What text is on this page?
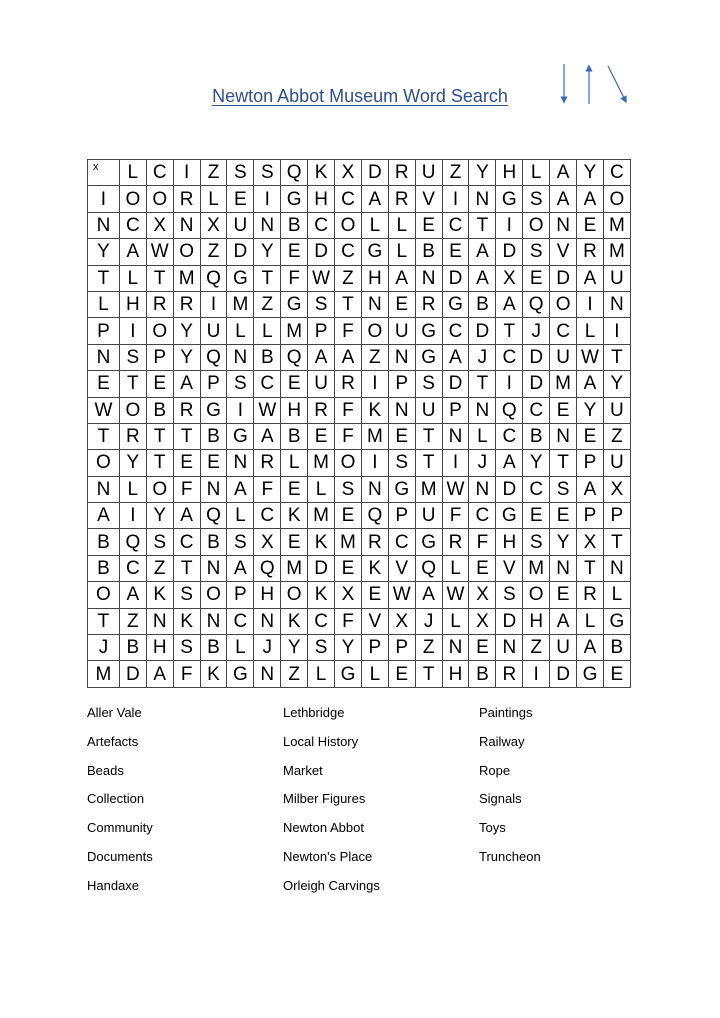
Newton Abbot Museum Word Search
x	L	C	I	Z	S	S	Q	K	X	D	R	U	Z	Y	H	L	A	Y	C
I	O	O	R	L	E	I	G	H	C	A	R	V	I	N	G	S	A	A	O
N	C	X	N	X	U	N	B	C	O	L	L	E	C	T	I	O	N	E	M
Y	A	W	O	Z	D	Y	E	D	C	G	L	B	E	A	D	S	V	R	M
T	L	T	M	Q	G	T	F	W	Z	H	A	N	D	A	X	E	D	A	U
L	H	R	R	I	M	Z	G	S	T	N	E	R	G	B	A	Q	O	I	N
P	I	O	Y	U	L	L	M	P	F	O	U	G	C	D	T	J	C	L	I
N	S	P	Y	Q	N	B	Q	A	A	Z	N	G	A	J	C	D	U	W	T
E	T	E	A	P	S	C	E	U	R	I	P	S	D	T	I	D	M	A	Y
W	O	B	R	G	I	W	H	R	F	K	N	U	P	N	Q	C	E	Y	U
T	R	T	T	B	G	A	B	E	F	M	E	T	N	L	C	B	N	E	Z
O	Y	T	E	E	N	R	L	M	O	I	S	T	I	J	A	Y	T	P	U
N	L	O	F	N	A	F	E	L	S	N	G	M	W	N	D	C	S	A	X
A	I	Y	A	Q	L	C	K	M	E	Q	P	U	F	C	G	E	E	P	P
B	Q	S	C	B	S	X	E	K	M	R	C	G	R	F	H	S	Y	X	T
B	C	Z	T	N	A	Q	M	D	E	K	V	Q	L	E	V	M	N	T	N
O	A	K	S	O	P	H	O	K	X	E	W	A	W	X	S	O	E	R	L
T	Z	N	K	N	C	N	K	C	F	V	X	J	L	X	D	H	A	L	G
J	B	H	S	B	L	J	Y	S	Y	P	P	Z	N	E	N	Z	U	A	B
M	D	A	F	K	G	N	Z	L	G	L	E	T	H	B	R	I	D	G	E
Aller Vale
Artefacts
Beads
Collection
Community
Documents
Handaxe
Lethbridge
Local History
Market
Milber Figures
Newton Abbot
Newton's Place
Orleigh Carvings
Paintings
Railway
Rope
Signals
Toys
Truncheon
